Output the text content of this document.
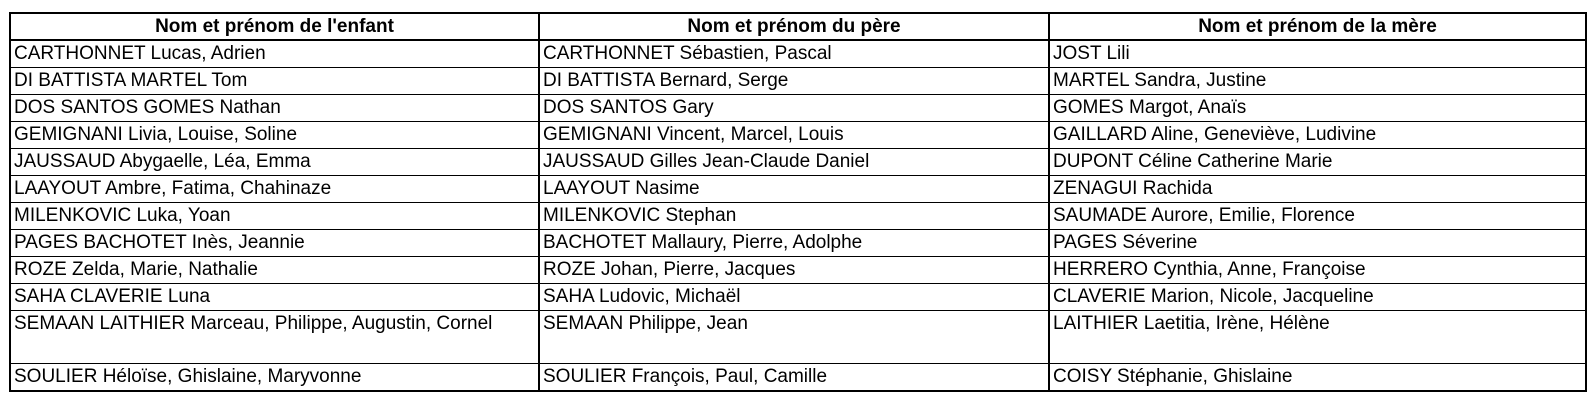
Nom et prénom de l'enfant	Nom et prénom du père	Nom et prénom de la mère
CARTHONNET Lucas, Adrien	CARTHONNET Sébastien, Pascal	JOST Lili
DI BATTISTA MARTEL Tom	DI BATTISTA Bernard, Serge	MARTEL Sandra, Justine
DOS SANTOS GOMES Nathan	DOS SANTOS Gary	GOMES Margot, Anaïs
GEMIGNANI Livia, Louise, Soline	GEMIGNANI Vincent, Marcel, Louis	GAILLARD Aline, Geneviève, Ludivine
JAUSSAUD Abygaelle, Léa, Emma	JAUSSAUD Gilles Jean-Claude Daniel	DUPONT Céline Catherine Marie
LAAYOUT Ambre, Fatima, Chahinaze	LAAYOUT Nasime	ZENAGUI Rachida
MILENKOVIC Luka, Yoan	MILENKOVIC Stephan	SAUMADE Aurore, Emilie, Florence
PAGES BACHOTET Inès, Jeannie	BACHOTET Mallaury, Pierre, Adolphe	PAGES Séverine
ROZE Zelda, Marie, Nathalie	ROZE Johan, Pierre, Jacques	HERRERO Cynthia, Anne, Françoise
SAHA CLAVERIE Luna	SAHA Ludovic, Michaël	CLAVERIE Marion, Nicole, Jacqueline
SEMAAN LAITHIER Marceau, Philippe, Augustin, Cornel	SEMAAN Philippe, Jean	LAITHIER Laetitia, Irène, Hélène
SOULIER Héloïse, Ghislaine, Maryvonne	SOULIER François, Paul, Camille	COISY Stéphanie, Ghislaine
